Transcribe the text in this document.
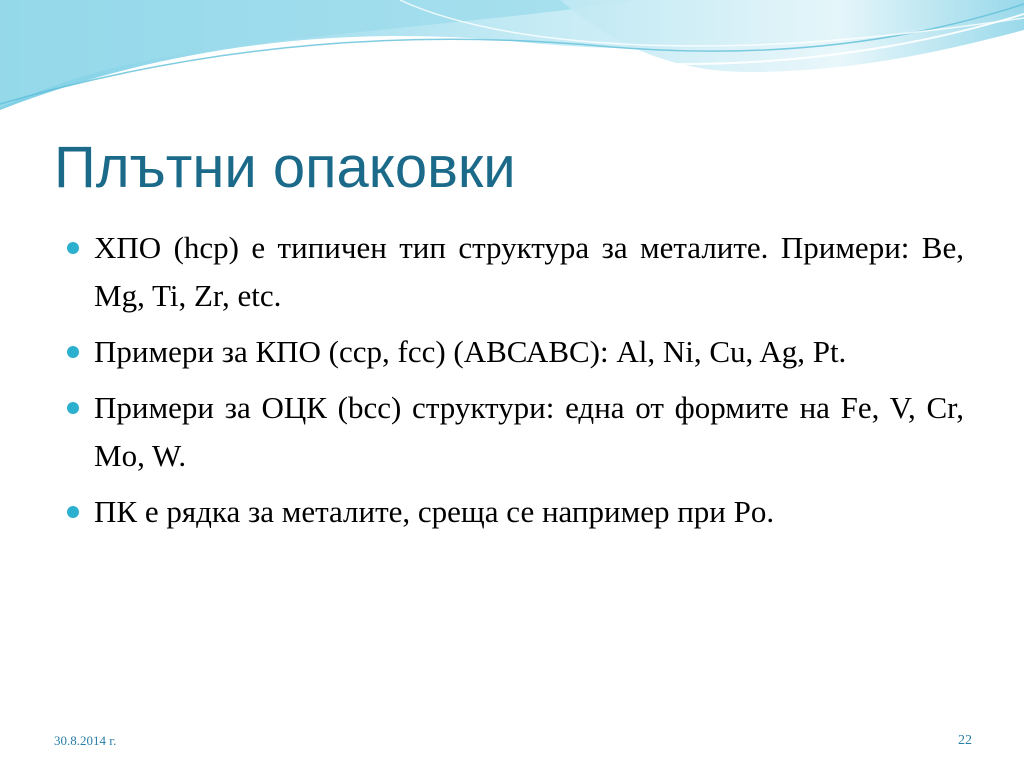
Плътни опаковки
ХПО (hcp) е типичен тип структура за металите. Примери: Be, Mg, Ti, Zr, etc.
Примери за КПО (ccp, fcc) (АВСАВС): Al, Ni, Cu, Ag, Pt.
Примери за ОЦК (bcc) структури: една от формите на Fe, V, Cr, Mo, W.
ПК е рядка за металите, среща се например при Po.
30.8.2014 г.	22
